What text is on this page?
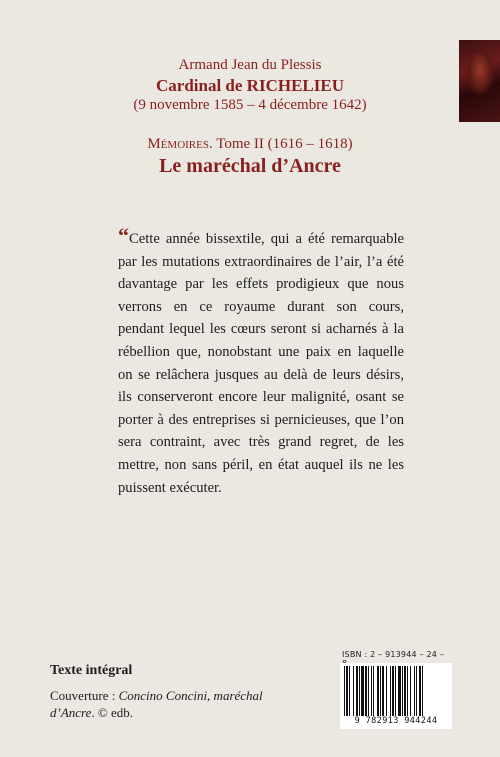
Armand Jean du Plessis
Cardinal de RICHELIEU
(9 novembre 1585 – 4 décembre 1642)
Mémoires. Tome II (1616 – 1618)
Le maréchal d’Ancre
“Cette année bissextile, qui a été remarquable par les mutations extraordinaires de l’air, l’a été davantage par les effets prodigieux que nous verrons en ce royaume durant son cours, pendant lequel les cœurs seront si acharnés à la rébellion que, nonobstant une paix en laquelle on se relâchera jusques au delà de leurs désirs, ils conserveront encore leur malignité, osant se porter à des entreprises si pernicieuses, que l’on sera contraint, avec très grand regret, de les mettre, non sans péril, en état auquel ils ne les puissent exécuter.
Texte intégral
Couverture : Concino Concini, maréchal d’Ancre. © edb.
ISBN : 2 – 913944 – 24 –
9 782913 944244
